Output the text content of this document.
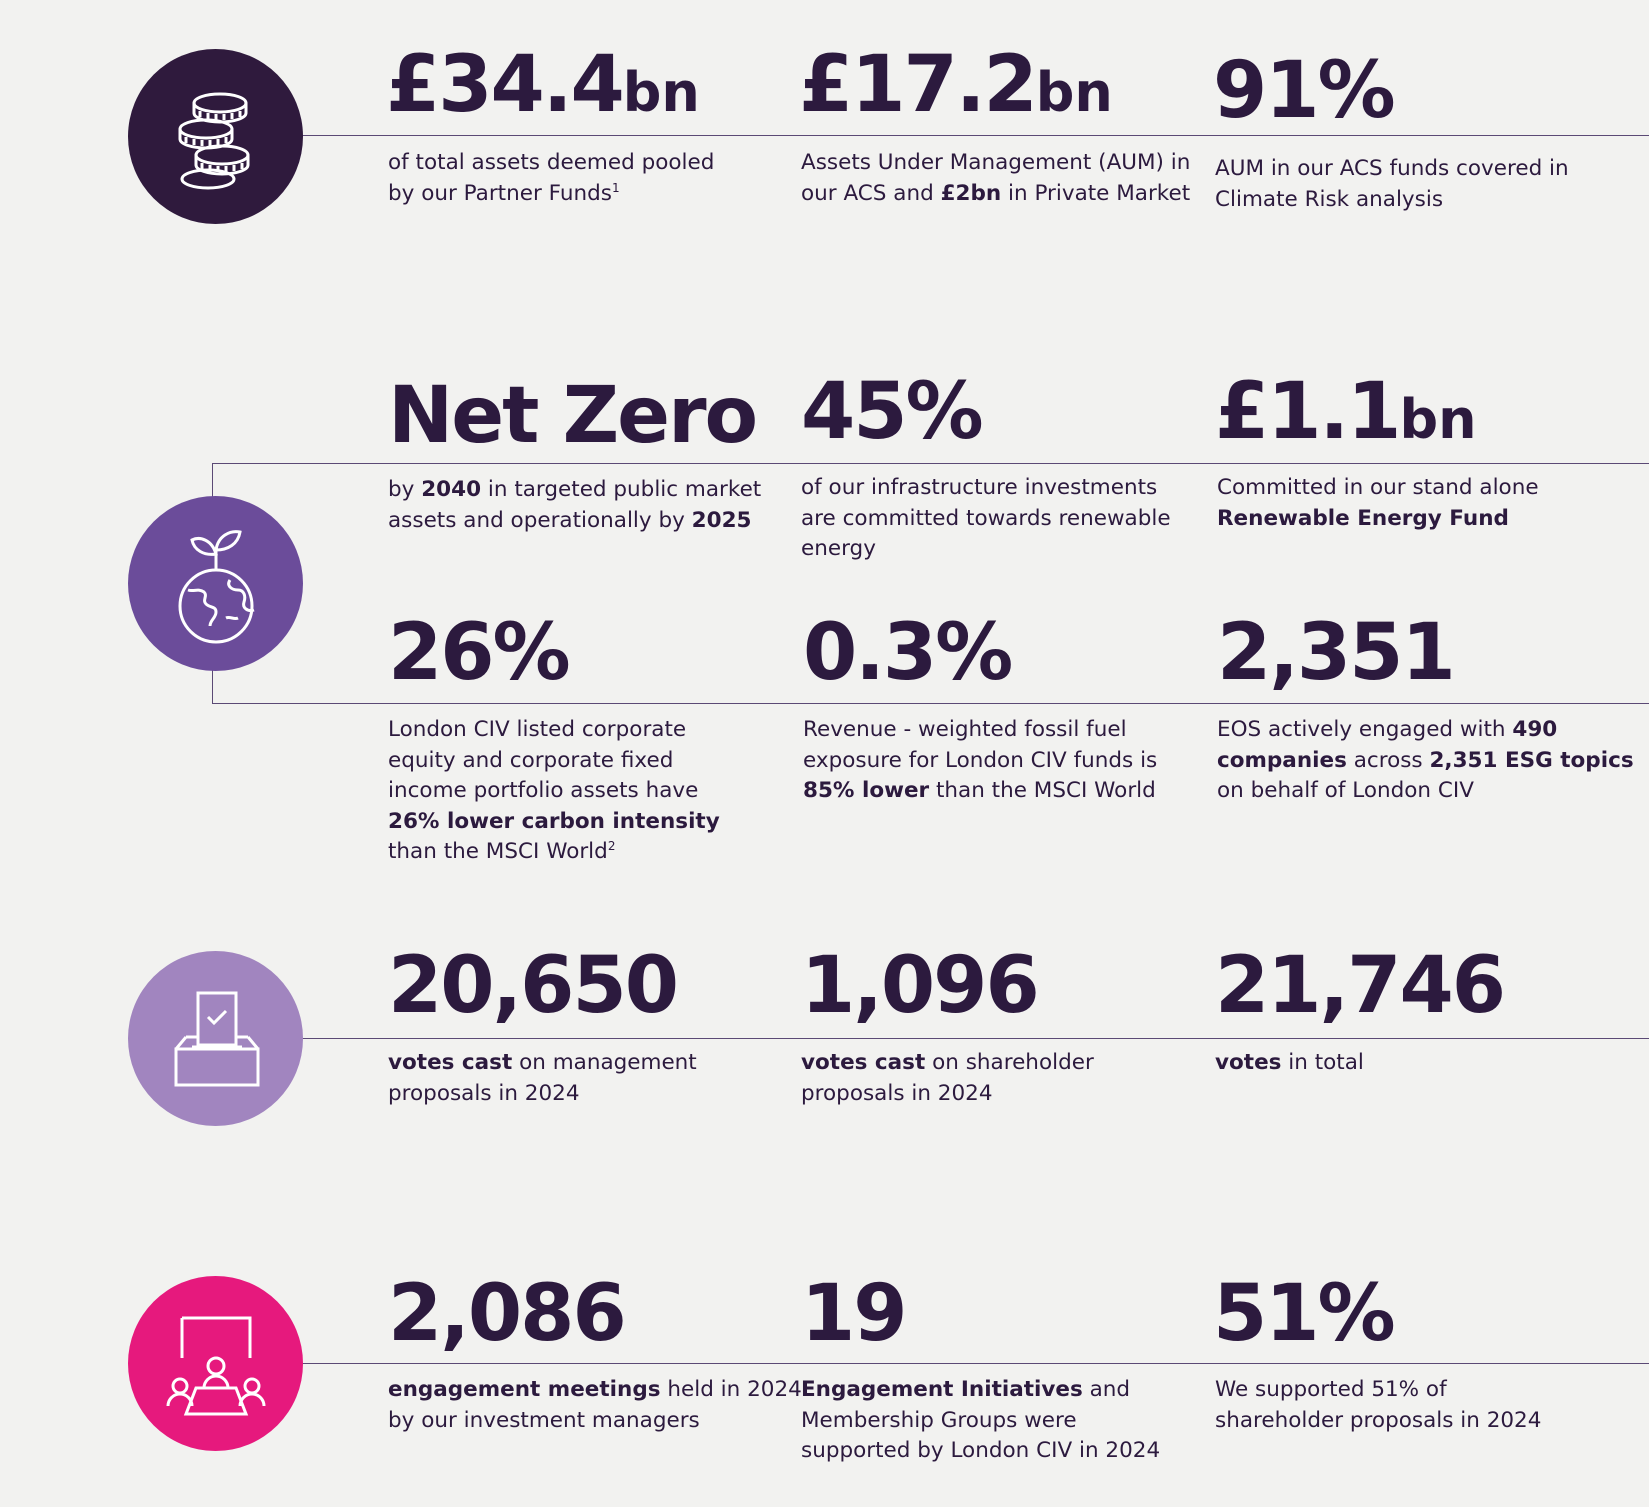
£34.4bn
of total assets deemed pooled
by our Partner Funds$^1$
£17.2bn
Assets Under Management (AUM) in
our ACS and £2bn in Private Market
91%
AUM in our ACS funds covered in
Climate Risk analysis
Net Zero
by 2040 in targeted public market
assets and operationally by 2025
45%
of our infrastructure investments
are committed towards renewable
energy
£1.1bn
Committed in our stand alone
Renewable Energy Fund
26%
London CIV listed corporate
equity and corporate fixed
income portfolio assets have
26% lower carbon intensity
than the MSCI World$^2$
0.3%
Revenue - weighted fossil fuel
exposure for London CIV funds is
85% lower than the MSCI World
2,351
EOS actively engaged with 490
companies across 2,351 ESG topics
on behalf of London CIV
20,650
votes cast on management
proposals in 2024
1,096
votes cast on shareholder
proposals in 2024
21,746
votes in total
2,086
engagement meetings held in 2024
by our investment managers
19
Engagement Initiatives and
Membership Groups were
supported by London CIV in 2024
51%
We supported 51% of
shareholder proposals in 2024
